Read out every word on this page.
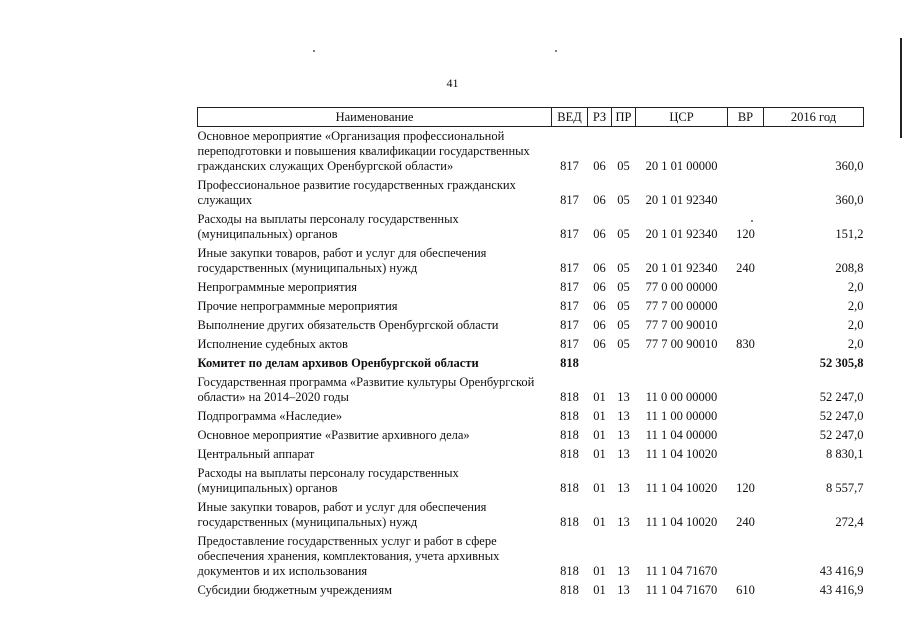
41
Наименование	ВЕД	РЗ	ПР	ЦСР	ВР	2016 год
Основное мероприятие «Организация профессиональной переподготовки и повышения квалификации государственных гражданских служащих Оренбургской области»	817	06	05	20 1 01 00000		360,0
Профессиональное развитие государственных гражданских служащих	817	06	05	20 1 01 92340		360,0
Расходы на выплаты персоналу государственных (муниципальных) органов	817	06	05	20 1 01 92340	120	151,2
Иные закупки товаров, работ и услуг для обеспечения государственных (муниципальных) нужд	817	06	05	20 1 01 92340	240	208,8
Непрограммные мероприятия	817	06	05	77 0 00 00000		2,0
Прочие непрограммные мероприятия	817	06	05	77 7 00 00000		2,0
Выполнение других обязательств Оренбургской области	817	06	05	77 7 00 90010		2,0
Исполнение судебных актов	817	06	05	77 7 00 90010	830	2,0
Комитет по делам архивов Оренбургской области	818					52 305,8
Государственная программа «Развитие культуры Оренбургской области» на 2014–2020 годы	818	01	13	11 0 00 00000		52 247,0
Подпрограмма «Наследие»	818	01	13	11 1 00 00000		52 247,0
Основное мероприятие «Развитие архивного дела»	818	01	13	11 1 04 00000		52 247,0
Центральный аппарат	818	01	13	11 1 04 10020		8 830,1
Расходы на выплаты персоналу государственных (муниципальных) органов	818	01	13	11 1 04 10020	120	8 557,7
Иные закупки товаров, работ и услуг для обеспечения государственных (муниципальных) нужд	818	01	13	11 1 04 10020	240	272,4
Предоставление государственных услуг и работ в сфере обеспечения хранения, комплектования, учета архивных документов и их использования	818	01	13	11 1 04 71670		43 416,9
Субсидии бюджетным учреждениям	818	01	13	11 1 04 71670	610	43 416,9
